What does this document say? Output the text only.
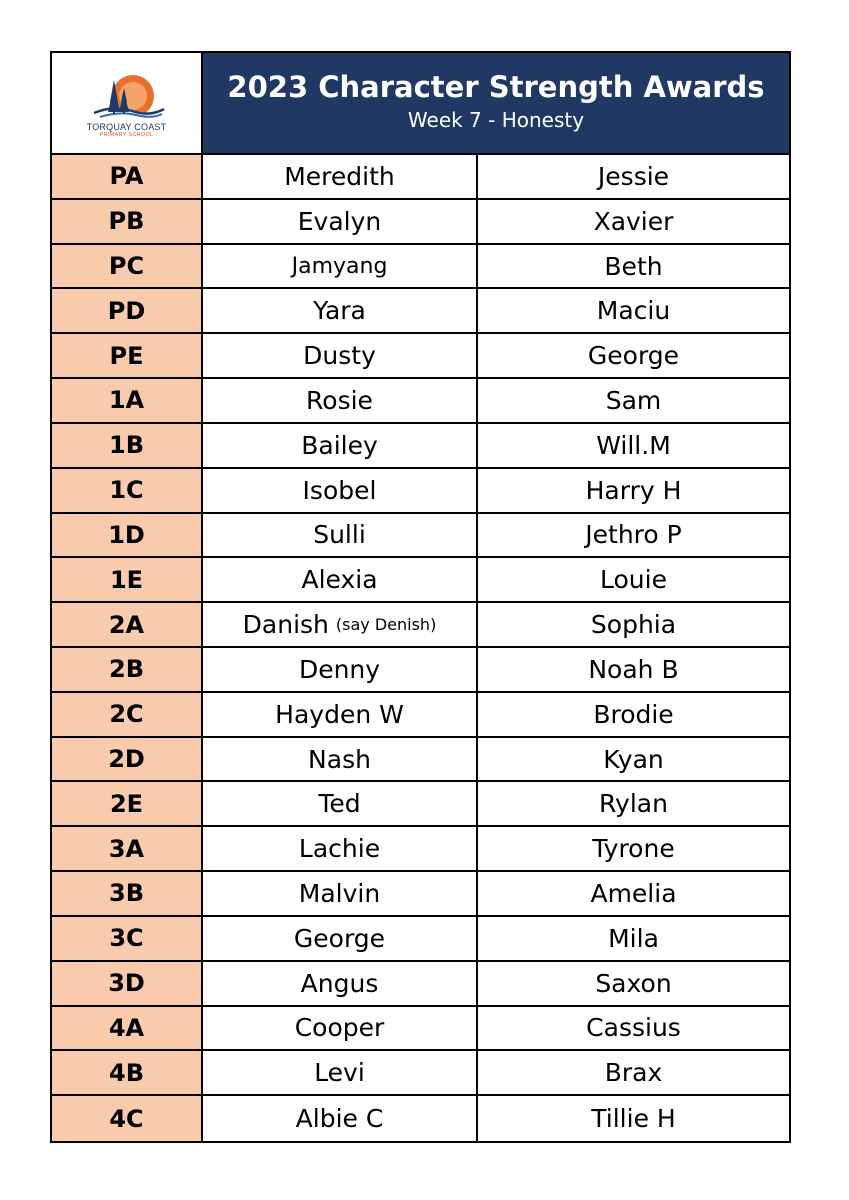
TORQUAY COAST
PRIMARY SCHOOL
2023 Character Strength Awards
Week 7 - Honesty
PA	Meredith	Jessie
PB	Evalyn	Xavier
PC	Jamyang	Beth
PD	Yara	Maciu
PE	Dusty	George
1A	Rosie	Sam
1B	Bailey	Will.M
1C	Isobel	Harry H
1D	Sulli	Jethro P
1E	Alexia	Louie
2A	Danish (say Denish)	Sophia
2B	Denny	Noah B
2C	Hayden W	Brodie
2D	Nash	Kyan
2E	Ted	Rylan
3A	Lachie	Tyrone
3B	Malvin	Amelia
3C	George	Mila
3D	Angus	Saxon
4A	Cooper	Cassius
4B	Levi	Brax
4C	Albie C	Tillie H
